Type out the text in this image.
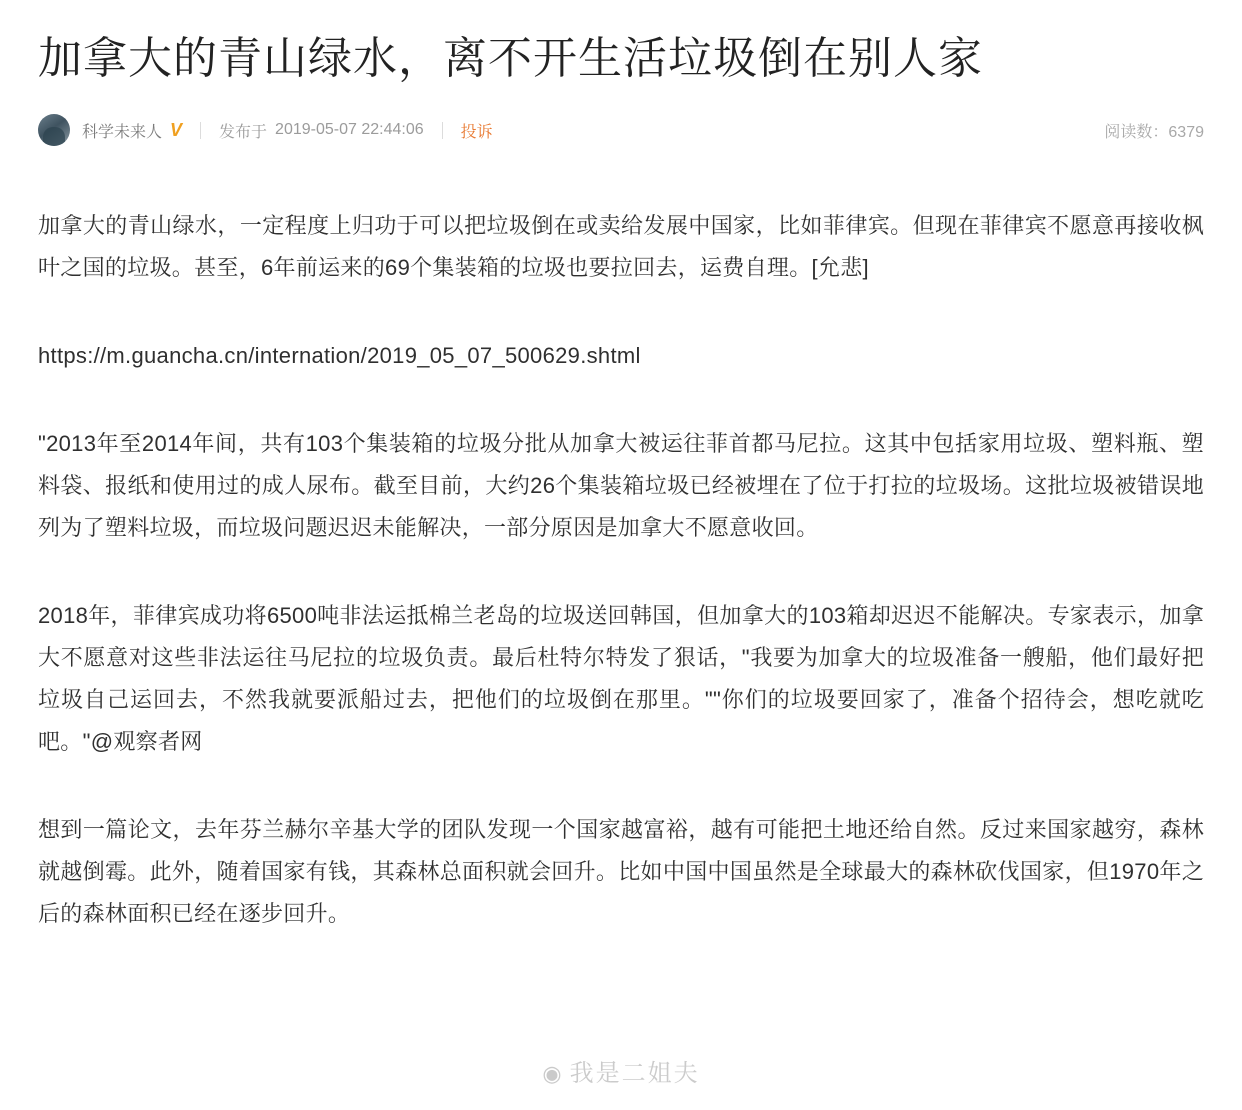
加拿大的青山绿水，离不开生活垃圾倒在别人家
科学未来人 V 发布于 2019-05-07 22:44:06 投诉	阅读数：6379

加拿大的青山绿水，一定程度上归功于可以把垃圾倒在或卖给发展中国家，比如菲律宾。但现在菲律宾不愿意再接收枫叶之国的垃圾。甚至，6年前运来的69个集装箱的垃圾也要拉回去，运费自理。[允悲]

https://m.guancha.cn/internation/2019_05_07_500629.shtml

"2013年至2014年间，共有103个集装箱的垃圾分批从加拿大被运往菲首都马尼拉。这其中包括家用垃圾、塑料瓶、塑料袋、报纸和使用过的成人尿布。截至目前，大约26个集装箱垃圾已经被埋在了位于打拉的垃圾场。这批垃圾被错误地列为了塑料垃圾，而垃圾问题迟迟未能解决，一部分原因是加拿大不愿意收回。

2018年，菲律宾成功将6500吨非法运抵棉兰老岛的垃圾送回韩国，但加拿大的103箱却迟迟不能解决。专家表示，加拿大不愿意对这些非法运往马尼拉的垃圾负责。最后杜特尔特发了狠话，"我要为加拿大的垃圾准备一艘船，他们最好把垃圾自己运回去，不然我就要派船过去，把他们的垃圾倒在那里。""你们的垃圾要回家了，准备个招待会，想吃就吃吧。"@观察者网

想到一篇论文，去年芬兰赫尔辛基大学的团队发现一个国家越富裕，越有可能把土地还给自然。反过来国家越穷，森林就越倒霉。此外，随着国家有钱，其森林总面积就会回升。比如中国中国虽然是全球最大的森林砍伐国家，但1970年之后的森林面积已经在逐步回升。

◉ 我是二姐夫
